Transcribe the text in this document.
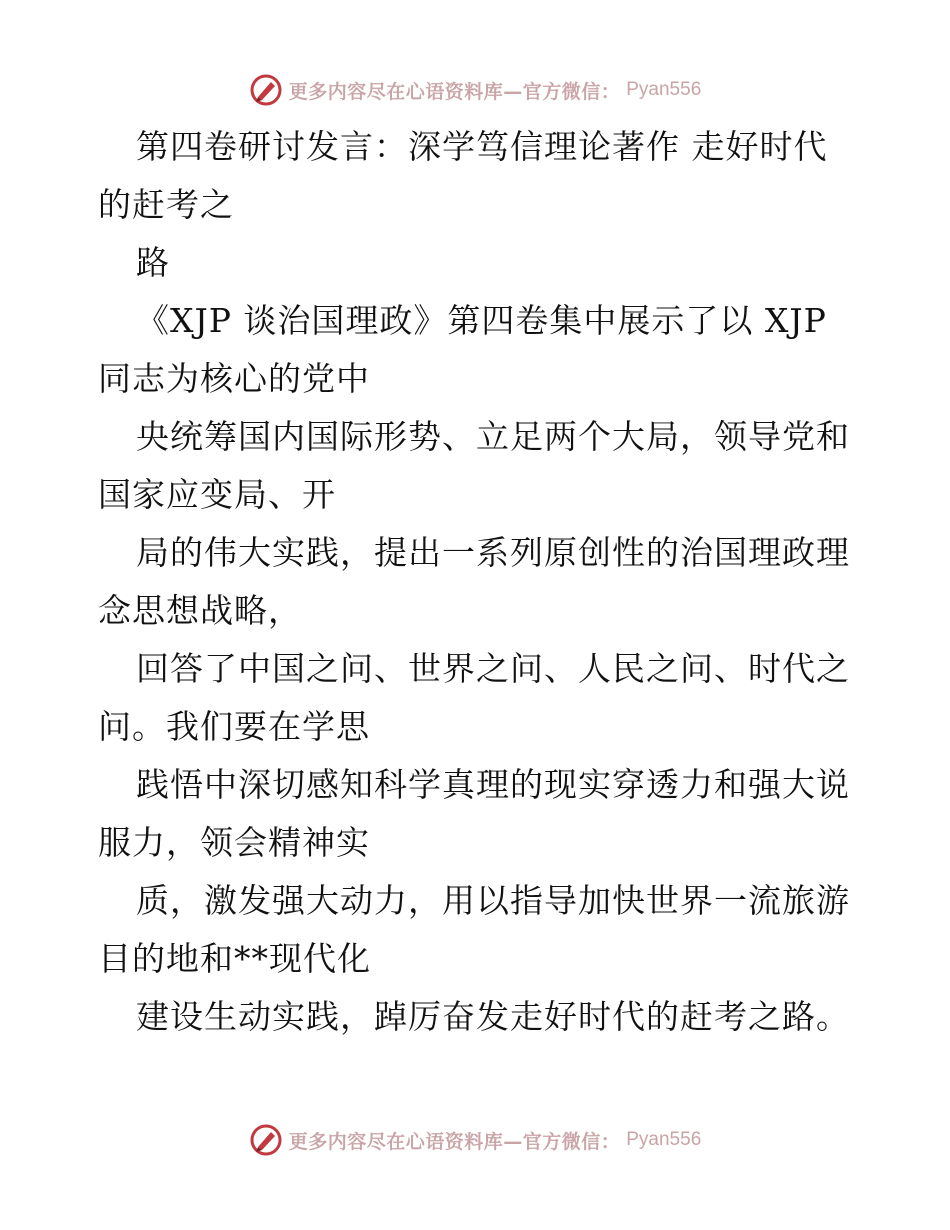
更多内容尽在心语资料库—官方微信： Pyan556
第四卷研讨发言：深学笃信理论著作 走好时代
的赶考之
路
《XJP 谈治国理政》第四卷集中展示了以 XJP
同志为核心的党中
央统筹国内国际形势、立足两个大局，领导党和
国家应变局、开
局的伟大实践，提出一系列原创性的治国理政理
念思想战略，
回答了中国之问、世界之问、人民之问、时代之
问。我们要在学思
践悟中深切感知科学真理的现实穿透力和强大说
服力，领会精神实
质，激发强大动力，用以指导加快世界一流旅游
目的地和**现代化
建设生动实践，踔厉奋发走好时代的赶考之路。
更多内容尽在心语资料库—官方微信： Pyan556
